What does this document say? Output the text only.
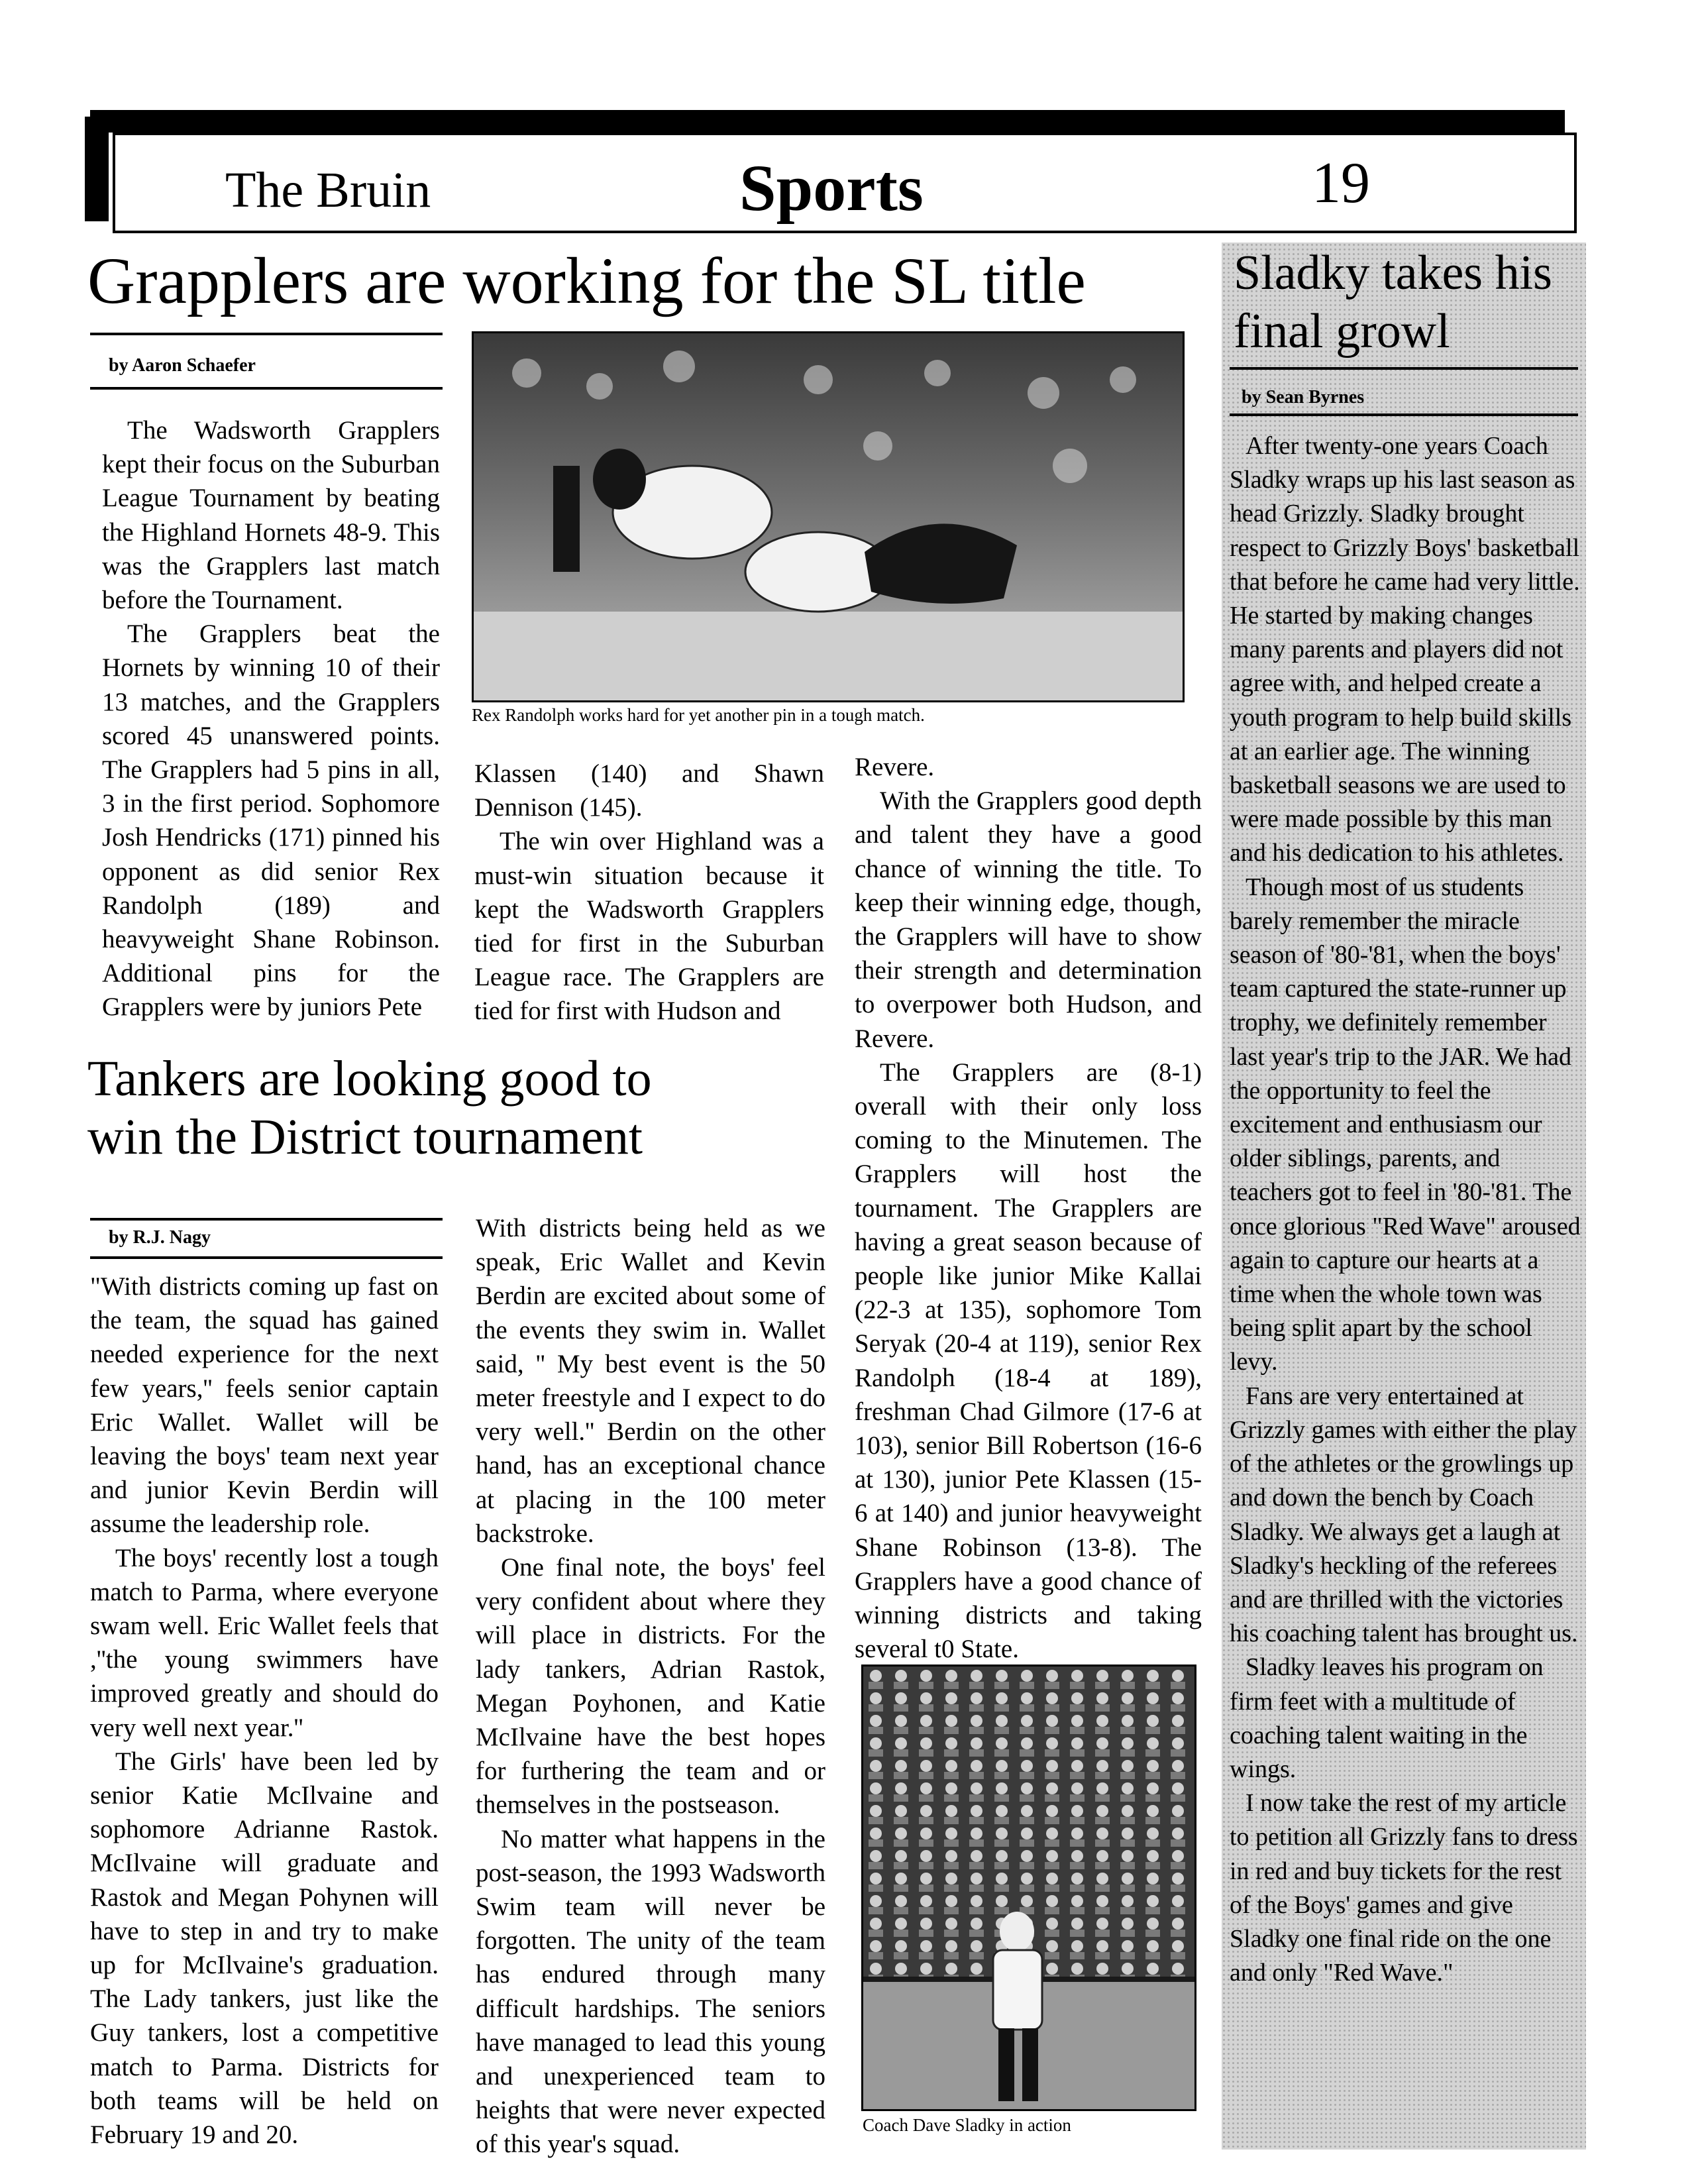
The Bruin	Sports	19
Grapplers are working for the SL title
by Aaron Schaefer
Rex Randolph works hard for yet another pin in a tough match.

The Wadsworth Grapplers kept their focus on the Suburban League Tournament by beating the Highland Hornets 48-9. This was the Grapplers last match before the Tournament.

The Grapplers beat the Hornets by winning 10 of their 13 matches, and the Grapplers scored 45 unanswered points. The Grapplers had 5 pins in all, 3 in the first period. Sophomore Josh Hendricks (171) pinned his opponent as did senior Rex Randolph (189) and heavyweight Shane Robinson. Additional pins for the Grapplers were by juniors Pete

Klassen (140) and Shawn Dennison (145).

The win over Highland was a must-win situation because it kept the Wadsworth Grapplers tied for first in the Suburban League race. The Grapplers are tied for first with Hudson and

Revere.

With the Grapplers good depth and talent they have a good chance of winning the title. To keep their winning edge, though, the Grapplers will have to show their strength and determination to overpower both Hudson, and Revere.

The Grapplers are (8-1) overall with their only loss coming to the Minutemen. The Grapplers will host the tournament. The Grapplers are having a great season because of people like junior Mike Kallai (22-3 at 135), sophomore Tom Seryak (20-4 at 119), senior Rex Randolph (18-4 at 189), freshman Chad Gilmore (17-6 at 103), senior Bill Robertson (16-6 at 130), junior Pete Klassen (15-6 at 140) and junior heavyweight Shane Robinson (13-8). The Grapplers have a good chance of winning districts and taking several t0 State.

Coach Dave Sladky in action
Tankers are looking good to
win the District tournament
by R.J. Nagy

"With districts coming up fast on the team, the squad has gained needed experience for the next few years,'' feels senior captain Eric Wallet. Wallet will be leaving the boys' team next year and junior Kevin Berdin will assume the leadership role.

The boys' recently lost a tough match to Parma, where everyone swam well. Eric Wallet feels that ,''the young swimmers have improved greatly and should do very well next year.''

The Girls' have been led by senior Katie McIlvaine and sophomore Adrianne Rastok. McIlvaine will graduate and Rastok and Megan Pohynen will have to step in and try to make up for McIlvaine's graduation. The Lady tankers, just like the Guy tankers, lost a competitive match to Parma. Districts for both teams will be held on February 19 and 20.

With districts being held as we speak, Eric Wallet and Kevin Berdin are excited about some of the events they swim in. Wallet said, '' My best event is the 50 meter freestyle and I expect to do very well.'' Berdin on the other hand, has an exceptional chance at placing in the 100 meter backstroke.

One final note, the boys' feel very confident about where they will place in districts. For the lady tankers, Adrian Rastok, Megan Poyhonen, and Katie McIlvaine have the best hopes for furthering the team and or themselves in the postseason.

No matter what happens in the post-season, the 1993 Wadsworth Swim team will never be forgotten. The unity of the team has endured through many difficult hardships. The seniors have managed to lead this young and unexperienced team to heights that were never expected of this year's squad.

Sladky takes his
final growl
by Sean Byrnes

After twenty-one years Coach Sladky wraps up his last season as head Grizzly. Sladky brought respect to Grizzly Boys' basketball that before he came had very little. He started by making changes many parents and players did not agree with, and helped create a youth program to help build skills at an earlier age. The winning basketball seasons we are used to were made possible by this man and his dedication to his athletes.

Though most of us students barely remember the miracle season of '80-'81, when the boys' team captured the state-runner up trophy, we definitely remember last year's trip to the JAR. We had the opportunity to feel the excitement and enthusiasm our older siblings, parents, and teachers got to feel in '80-'81. The once glorious "Red Wave" aroused again to capture our hearts at a time when the whole town was being split apart by the school levy.

Fans are very entertained at Grizzly games with either the play of the athletes or the growlings up and down the bench by Coach Sladky. We always get a laugh at Sladky's heckling of the referees and are thrilled with the victories his coaching talent has brought us.

Sladky leaves his program on firm feet with a multitude of coaching talent waiting in the wings.

I now take the rest of my article to petition all Grizzly fans to dress in red and buy tickets for the rest of the Boys' games and give Sladky one final ride on the one and only "Red Wave."
